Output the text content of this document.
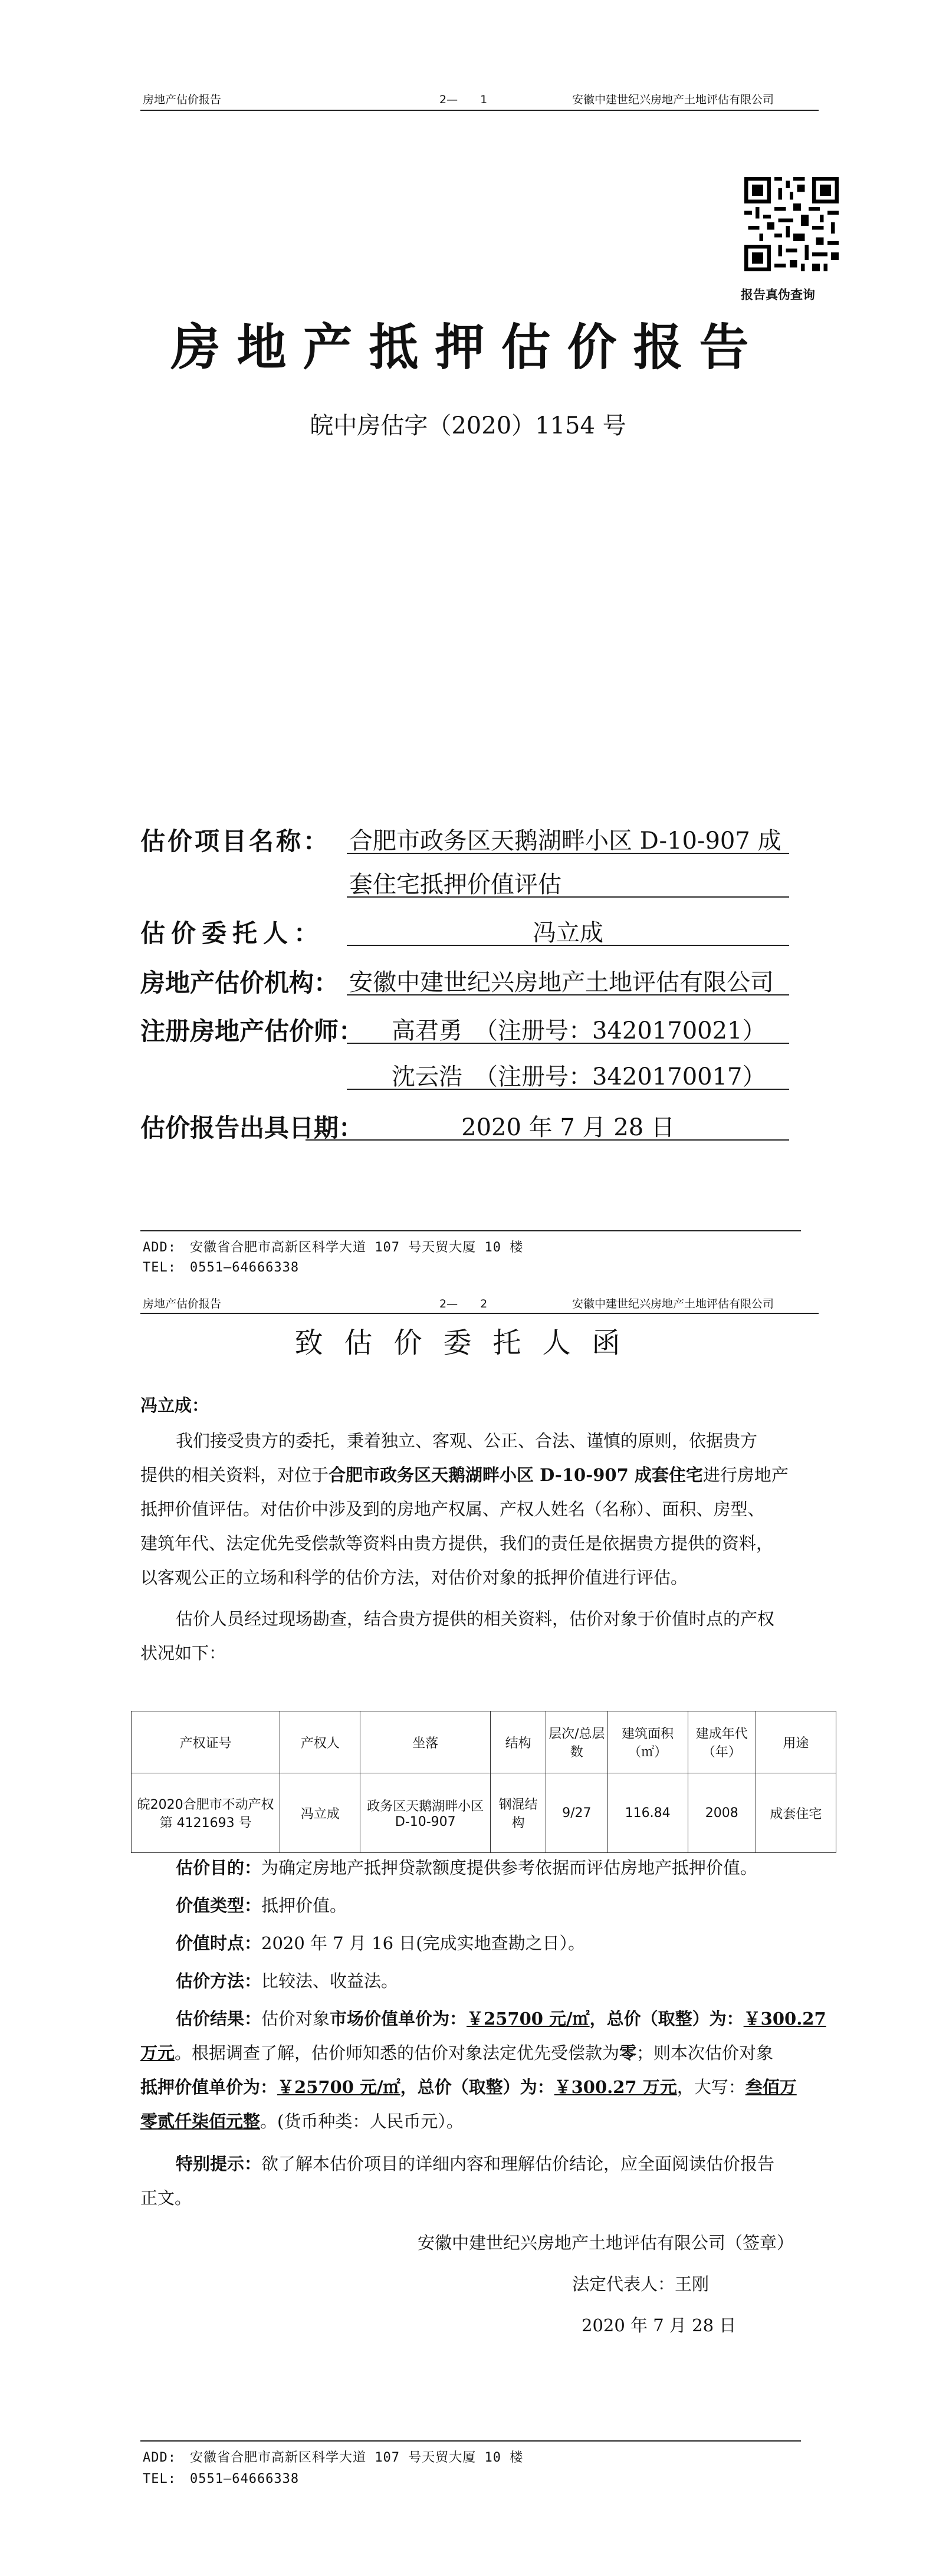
房地产估价报告	2—　　1	安徽中建世纪兴房地产土地评估有限公司
报告真伪查询
房地产抵押估价报告
皖中房估字（2020）1154 号
估价项目名称： 合肥市政务区天鹅湖畔小区 D-10-907 成
套住宅抵押价值评估
估价委托人：	冯立成
房地产估价机构： 安徽中建世纪兴房地产土地评估有限公司
注册房地产估价师： 高君勇　（注册号：3420170021）
沈云浩　（注册号：3420170017）
估价报告出具日期：	2020 年 7 月 28 日
ADD:　安徽省合肥市高新区科学大道 107 号天贸大厦 10 楼
TEL:　0551—64666338
房地产估价报告	2—　　2	安徽中建世纪兴房地产土地评估有限公司
致估价委托人函
冯立成：
我们接受贵方的委托，秉着独立、客观、公正、合法、谨慎的原则，依据贵方
提供的相关资料，对位于合肥市政务区天鹅湖畔小区 D-10-907 成套住宅进行房地产
抵押价值评估。对估价中涉及到的房地产权属、产权人姓名（名称）、面积、房型、
建筑年代、法定优先受偿款等资料由贵方提供，我们的责任是依据贵方提供的资料，
以客观公正的立场和科学的估价方法，对估价对象的抵押价值进行评估。
估价人员经过现场勘查，结合贵方提供的相关资料，估价对象于价值时点的产权
状况如下：
产权证号	产权人	坐落	结构	层次/总层数	建筑面积（㎡）	建成年代（年）	用途
皖2020合肥市不动产权第 4121693 号	冯立成	政务区天鹅湖畔小区 D-10-907	钢混结构	9/27	116.84	2008	成套住宅
估价目的：为确定房地产抵押贷款额度提供参考依据而评估房地产抵押价值。
价值类型：抵押价值。
价值时点：2020 年 7 月 16 日(完成实地查勘之日）。
估价方法：比较法、收益法。
估价结果：估价对象市场价值单价为：￥25700 元/㎡，总价（取整）为：￥300.27
万元。根据调查了解，估价师知悉的估价对象法定优先受偿款为零；则本次估价对象
抵押价值单价为：￥25700 元/㎡，总价（取整）为：￥300.27 万元，大写：叁佰万
零贰仟柒佰元整。(货币种类：人民币元）。
特别提示：欲了解本估价项目的详细内容和理解估价结论，应全面阅读估价报告
正文。
安徽中建世纪兴房地产土地评估有限公司（签章）
法定代表人：王刚
2020 年 7 月 28 日
ADD:　安徽省合肥市高新区科学大道 107 号天贸大厦 10 楼
TEL:　0551—64666338
